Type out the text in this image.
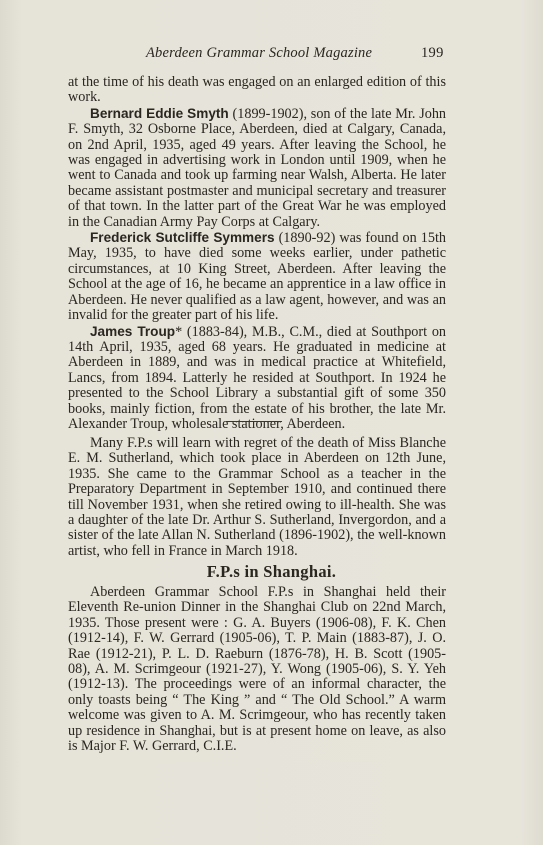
Aberdeen Grammar School Magazine	199

at the time of his death was engaged on an enlarged edition of this work.

Bernard Eddie Smyth (1899-1902), son of the late Mr. John F. Smyth, 32 Osborne Place, Aberdeen, died at Calgary, Canada, on 2nd April, 1935, aged 49 years. After leaving the School, he was engaged in advertising work in London until 1909, when he went to Canada and took up farming near Walsh, Alberta. He later became assistant postmaster and municipal secretary and treasurer of that town. In the latter part of the Great War he was employed in the Canadian Army Pay Corps at Calgary.

Frederick Sutcliffe Symmers (1890-92) was found on 15th May, 1935, to have died some weeks earlier, under pathetic circumstances, at 10 King Street, Aberdeen. After leaving the School at the age of 16, he became an apprentice in a law office in Aberdeen. He never qualified as a law agent, however, and was an invalid for the greater part of his life.

James Troup* (1883-84), M.B., C.M., died at Southport on 14th April, 1935, aged 68 years. He graduated in medicine at Aberdeen in 1889, and was in medical practice at Whitefield, Lancs, from 1894. Latterly he resided at Southport. In 1924 he presented to the School Library a substantial gift of some 350 books, mainly fiction, from the estate of his brother, the late Mr. Alexander Troup, wholesale stationer, Aberdeen.

Many F.P.s will learn with regret of the death of Miss Blanche E. M. Sutherland, which took place in Aberdeen on 12th June, 1935. She came to the Grammar School as a teacher in the Preparatory Department in September 1910, and continued there till November 1931, when she retired owing to ill-health. She was a daughter of the late Dr. Arthur S. Sutherland, Invergordon, and a sister of the late Allan N. Sutherland (1896-1902), the well-known artist, who fell in France in March 1918.

F.P.s in Shanghai.

Aberdeen Grammar School F.P.s in Shanghai held their Eleventh Re-union Dinner in the Shanghai Club on 22nd March, 1935. Those present were : G. A. Buyers (1906-08), F. K. Chen (1912-14), F. W. Gerrard (1905-06), T. P. Main (1883-87), J. O. Rae (1912-21), P. L. D. Raeburn (1876-78), H. B. Scott (1905-08), A. M. Scrimgeour (1921-27), Y. Wong (1905-06), S. Y. Yeh (1912-13). The proceedings were of an informal character, the only toasts being “ The King ” and “ The Old School.” A warm welcome was given to A. M. Scrimgeour, who has recently taken up residence in Shanghai, but is at present home on leave, as also is Major F. W. Gerrard, C.I.E.
